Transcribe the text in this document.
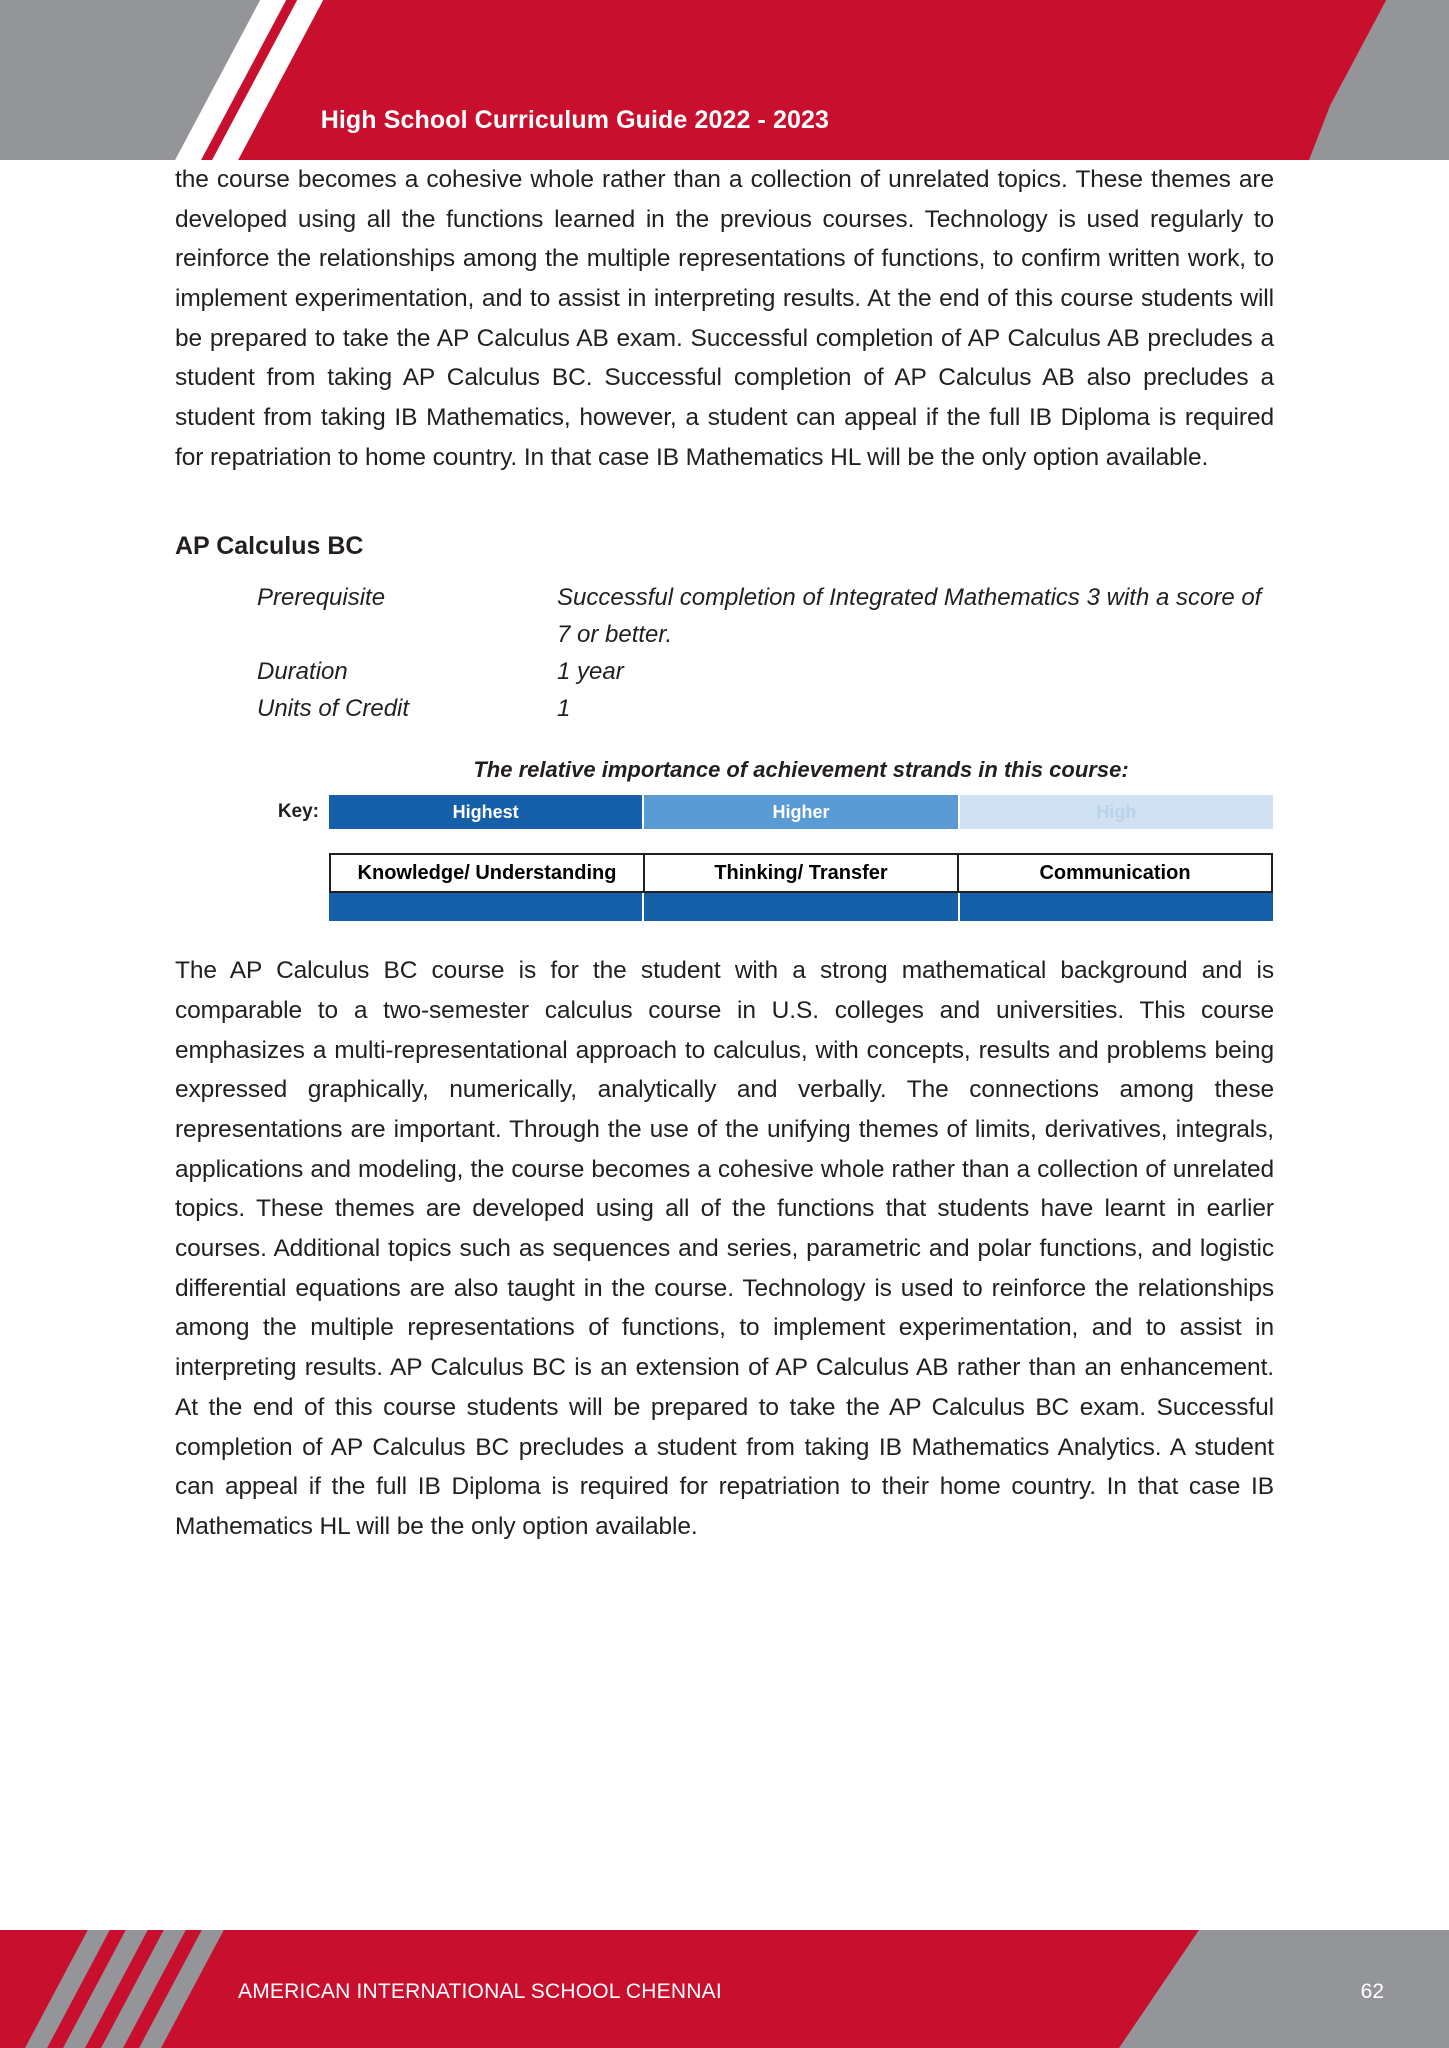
High School Curriculum Guide 2022 - 2023

the course becomes a cohesive whole rather than a collection of unrelated topics. These themes are developed using all the functions learned in the previous courses. Technology is used regularly to reinforce the relationships among the multiple representations of functions, to confirm written work, to implement experimentation, and to assist in interpreting results. At the end of this course students will be prepared to take the AP Calculus AB exam. Successful completion of AP Calculus AB precludes a student from taking AP Calculus BC. Successful completion of AP Calculus AB also precludes a student from taking IB Mathematics, however, a student can appeal if the full IB Diploma is required for repatriation to home country. In that case IB Mathematics HL will be the only option available.

AP Calculus BC
Prerequisite	Successful completion of Integrated Mathematics 3 with a score of 7 or better.
Duration	1 year
Units of Credit	1
The relative importance of achievement strands in this course:
Key:	Highest	Higher	High
Knowledge/ Understanding	Thinking/ Transfer	Communication

The AP Calculus BC course is for the student with a strong mathematical background and is comparable to a two-semester calculus course in U.S. colleges and universities. This course emphasizes a multi-representational approach to calculus, with concepts, results and problems being expressed graphically, numerically, analytically and verbally. The connections among these representations are important. Through the use of the unifying themes of limits, derivatives, integrals, applications and modeling, the course becomes a cohesive whole rather than a collection of unrelated topics. These themes are developed using all of the functions that students have learnt in earlier courses. Additional topics such as sequences and series, parametric and polar functions, and logistic differential equations are also taught in the course. Technology is used to reinforce the relationships among the multiple representations of functions, to implement experimentation, and to assist in interpreting results. AP Calculus BC is an extension of AP Calculus AB rather than an enhancement. At the end of this course students will be prepared to take the AP Calculus BC exam. Successful completion of AP Calculus BC precludes a student from taking IB Mathematics Analytics. A student can appeal if the full IB Diploma is required for repatriation to their home country. In that case IB Mathematics HL will be the only option available.

AMERICAN INTERNATIONAL SCHOOL CHENNAI	62
